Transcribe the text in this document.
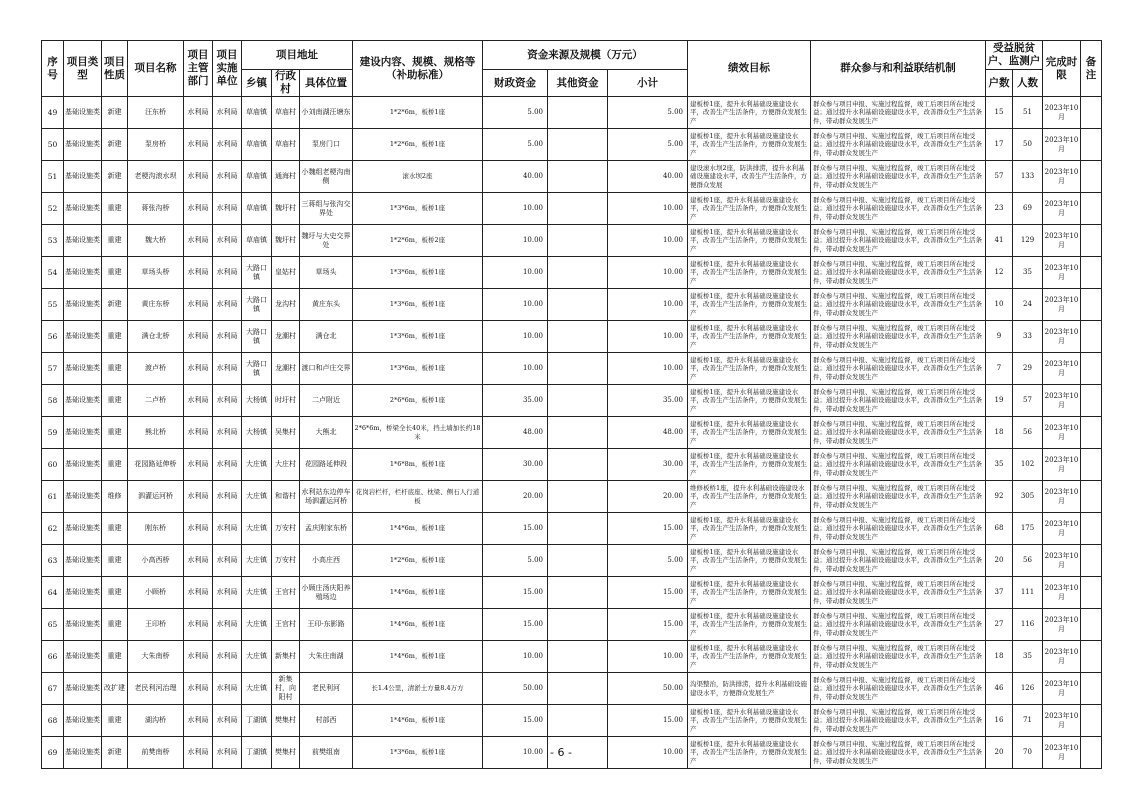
序号	项目类型	项目性质	项目名称	项目主管部门	项目实施单位	项目地址			建设内容、规模、规格等（补助标准）	资金来源及规模（万元）			绩效目标	群众参与和利益联结机制	受益脱贫户、监测户		完成时限	备注
						乡镇	行政村	具体位置		财政资金	其他资金	小计			户数	人数		
49	基础设施类	新建	汪东桥	水利局	水利局	草庙镇	草庙村	小刘南湖汪塘东	1*2*6m，板桥1座	5.00		5.00	建板桥1座，提升水利基础设施建设水平，改善生产生活条件，方便群众发展生产	群众参与项目申报、实施过程监督，竣工后项目所在地受益；通过提升水利基础设施建设水平，改善群众生产生活条件，带动群众发展生产	15	51	2023年10月	
50	基础设施类	新建	泵房桥	水利局	水利局	草庙镇	草庙村	泵房门口	1*2*6m，板桥1座	5.00		5.00	建板桥1座，提升水利基础设施建设水平，改善生产生活条件，方便群众发展生产	群众参与项目申报、实施过程监督，竣工后项目所在地受益；通过提升水利基础设施建设水平，改善群众生产生活条件，带动群众发展生产	17	50	2023年10月	
51	基础设施类	新建	老梗沟滚水坝	水利局	水利局	草庙镇	通海村	小魏组老梗沟南侧	滚水坝2座	40.00		40.00	建设滚水坝2座，防洪排涝，提升水利基础设施建设水平，改善生产生活条件，方便群众发展	群众参与项目申报、实施过程监督，竣工后项目所在地受益；通过提升水利基础设施建设水平，改善群众生产生活条件，带动群众发展生产	57	133	2023年10月	
52	基础设施类	重建	蒋张沟桥	水利局	水利局	草庙镇	魏圩村	三蒋组与张沟交界处	1*3*6m，板桥1座	10.00		10.00	建板桥1座，提升水利基础设施建设水平，改善生产生活条件，方便群众发展生产	群众参与项目申报、实施过程监督，竣工后项目所在地受益；通过提升水利基础设施建设水平，改善群众生产生活条件，带动群众发展生产	23	69	2023年10月	
53	基础设施类	重建	魏大桥	水利局	水利局	草庙镇	魏圩村	魏圩与大史交界处	1*2*6m，板桥2座	10.00		10.00	建板桥1座，提升水利基础设施建设水平，改善生产生活条件，方便群众发展生产	群众参与项目申报、实施过程监督，竣工后项目所在地受益；通过提升水利基础设施建设水平，改善群众生产生活条件，带动群众发展生产	41	129	2023年10月	
54	基础设施类	重建	草场头桥	水利局	水利局	大路口镇	皇姑村	草场头	1*3*6m，板桥1座	10.00		10.00	建板桥1座，提升水利基础设施建设水平，改善生产生活条件，方便群众发展生产	群众参与项目申报、实施过程监督，竣工后项目所在地受益；通过提升水利基础设施建设水平，改善群众生产生活条件，带动群众发展生产	12	35	2023年10月	
55	基础设施类	新建	黄庄东桥	水利局	水利局	大路口镇	龙沟村	黄庄东头	1*3*6m，板桥1座	10.00		10.00	建板桥1座，提升水利基础设施建设水平，改善生产生活条件，方便群众发展生产	群众参与项目申报、实施过程监督，竣工后项目所在地受益；通过提升水利基础设施建设水平，改善群众生产生活条件，带动群众发展生产	10	24	2023年10月	
56	基础设施类	重建	满仓北桥	水利局	水利局	大路口镇	龙潮村	满仓北	1*3*6m，板桥1座	10.00		10.00	建板桥1座，提升水利基础设施建设水平，改善生产生活条件，方便群众发展生产	群众参与项目申报、实施过程监督，竣工后项目所在地受益；通过提升水利基础设施建设水平，改善群众生产生活条件，带动群众发展生产	9	33	2023年10月	
57	基础设施类	重建	渡卢桥	水利局	水利局	大路口镇	龙潮村	渡口和卢庄交界	1*3*6m，板桥1座	10.00		10.00	建板桥1座，提升水利基础设施建设水平，改善生产生活条件，方便群众发展生产	群众参与项目申报、实施过程监督，竣工后项目所在地受益；通过提升水利基础设施建设水平，改善群众生产生活条件，带动群众发展生产	7	29	2023年10月	
58	基础设施类	重建	二卢桥	水利局	水利局	大杨镇	时圩村	二卢附近	2*6*6m，板桥1座	35.00		35.00	建板桥1座，提升水利基础设施建设水平，改善生产生活条件，方便群众发展生产	群众参与项目申报、实施过程监督，竣工后项目所在地受益；通过提升水利基础设施建设水平，改善群众生产生活条件，带动群众发展生产	19	57	2023年10月	
59	基础设施类	重建	熊北桥	水利局	水利局	大杨镇	吴集村	大熊北	2*6*6m，桥梁全长40米，挡土墙加长约18米	48.00		48.00	建板桥1座，提升水利基础设施建设水平，改善生产生活条件，方便群众发展生产	群众参与项目申报、实施过程监督，竣工后项目所在地受益；通过提升水利基础设施建设水平，改善群众生产生活条件，带动群众发展生产	18	56	2023年10月	
60	基础设施类	重建	花园路延伸桥	水利局	水利局	大庄镇	大庄村	花园路延伸段	1*6*8m，板桥1座	30.00		30.00	建板桥1座，提升水利基础设施建设水平，改善生产生活条件，方便群众发展生产	群众参与项目申报、实施过程监督，竣工后项目所在地受益；通过提升水利基础设施建设水平，改善群众生产生活条件，带动群众发展生产	35	102	2023年10月	
61	基础设施类	维修	泗灌运河桥	水利局	水利局	大庄镇	和谐村	水利站东边停车场泗灌运河桥	花岗岩栏杆，栏杆底座、枕梁、侧石人行道板	20.00		20.00	维修板桥1座，提升水利基础设施建设水平，改善生产生活条件，方便群众发展生产	群众参与项目申报、实施过程监督，竣工后项目所在地受益；通过提升水利基础设施建设水平，改善群众生产生活条件，带动群众发展生产	92	305	2023年10月	
62	基础设施类	重建	刚东桥	水利局	水利局	大庄镇	万安村	孟庆刚家东桥	1*4*6m，板桥1座	15.00		15.00	建板桥1座，提升水利基础设施建设水平，改善生产生活条件，方便群众发展生产	群众参与项目申报、实施过程监督，竣工后项目所在地受益；通过提升水利基础设施建设水平，改善群众生产生活条件，带动群众发展生产	68	175	2023年10月	
63	基础设施类	重建	小高西桥	水利局	水利局	大庄镇	万安村	小高庄西	1*2*6m，板桥1座	5.00		5.00	建板桥1座，提升水利基础设施建设水平，改善生产生活条件，方便群众发展生产	群众参与项目申报、实施过程监督，竣工后项目所在地受益；通过提升水利基础设施建设水平，改善群众生产生活条件，带动群众发展生产	20	56	2023年10月	
64	基础设施类	重建	小顾桥	水利局	水利局	大庄镇	王官村	小顾庄汤庆阳养殖场边	1*4*6m，板桥1座	15.00		15.00	建板桥1座，提升水利基础设施建设水平，改善生产生活条件，方便群众发展生产	群众参与项目申报、实施过程监督，竣工后项目所在地受益；通过提升水利基础设施建设水平，改善群众生产生活条件，带动群众发展生产	37	111	2023年10月	
65	基础设施类	重建	王印桥	水利局	水利局	大庄镇	王官村	王印-东影路	1*4*6m，板桥1座	15.00		15.00	建板桥1座，提升水利基础设施建设水平，改善生产生活条件，方便群众发展生产	群众参与项目申报、实施过程监督，竣工后项目所在地受益；通过提升水利基础设施建设水平，改善群众生产生活条件，带动群众发展生产	27	116	2023年10月	
66	基础设施类	重建	大朱南桥	水利局	水利局	大庄镇	新集村	大朱庄南湖	1*4*6m，板桥1座	10.00		10.00	建板桥1座，提升水利基础设施建设水平，改善生产生活条件，方便群众发展生产	群众参与项目申报、实施过程监督，竣工后项目所在地受益；通过提升水利基础设施建设水平，改善群众生产生活条件，带动群众发展生产	18	35	2023年10月	
67	基础设施类	改扩建	老民利河治理	水利局	水利局	大庄镇	新集村，向阳村	老民利河	长1.4公里，清淤土方量8.4万方	50.00		50.00	沟渠整治，防洪排涝，提升水利基础设施建设水平，方便群众发展生产	群众参与项目申报、实施过程监督，竣工后项目所在地受益；通过提升水利基础设施建设水平，改善群众生产生活条件，带动群众发展生产	46	126	2023年10月	
68	基础设施类	重建	湖沟桥	水利局	水利局	丁湖镇	樊集村	村部西	1*4*6m，板桥1座	15.00		15.00	建板桥1座，提升水利基础设施建设水平，改善生产生活条件，方便群众发展生产	群众参与项目申报、实施过程监督，竣工后项目所在地受益；通过提升水利基础设施建设水平，改善群众生产生活条件，带动群众发展生产	16	71	2023年10月	
69	基础设施类	新建	前樊南桥	水利局	水利局	丁湖镇	樊集村	前樊组南	1*3*6m，板桥1座	10.00		10.00	建板桥1座，提升水利基础设施建设水平，改善生产生活条件，方便群众发展生产	群众参与项目申报、实施过程监督，竣工后项目所在地受益；通过提升水利基础设施建设水平，改善群众生产生活条件，带动群众发展生产	20	70	2023年10月	
- 6 -
